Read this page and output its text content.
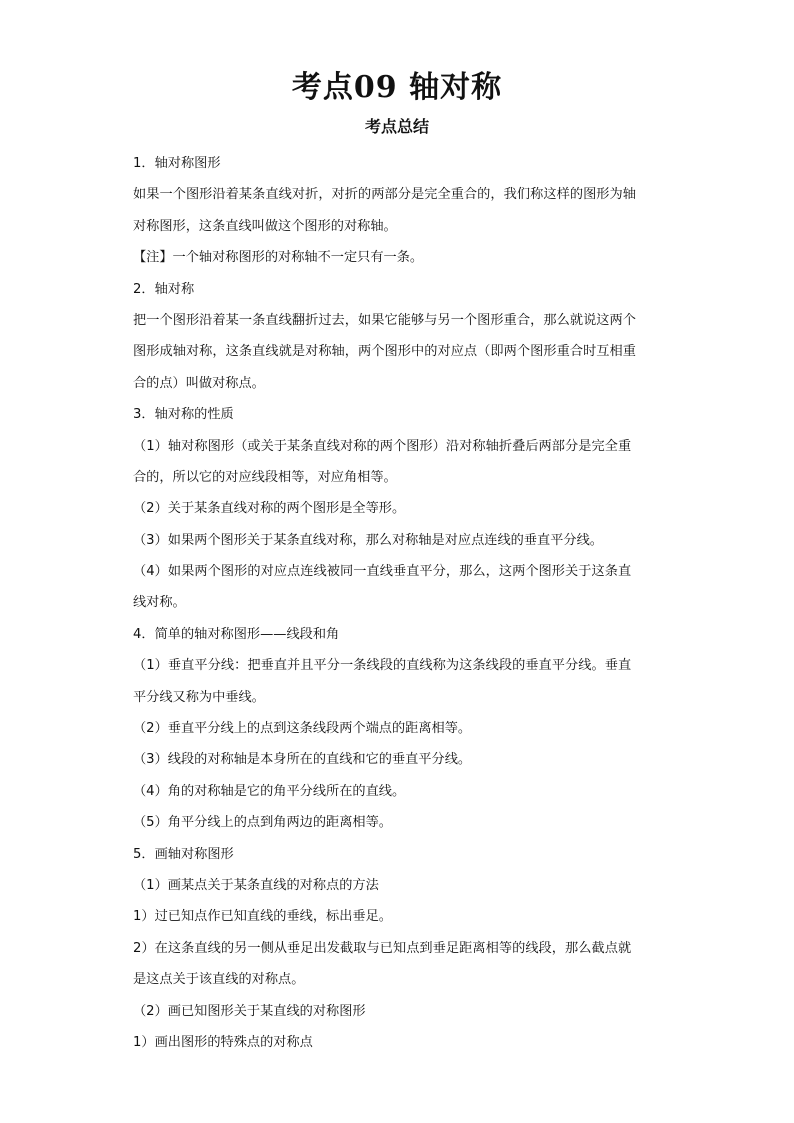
考点09 轴对称
考点总结
1．轴对称图形
如果一个图形沿着某条直线对折，对折的两部分是完全重合的，我们称这样的图形为轴
对称图形，这条直线叫做这个图形的对称轴。
【注】一个轴对称图形的对称轴不一定只有一条。
2．轴对称
把一个图形沿着某一条直线翻折过去，如果它能够与另一个图形重合，那么就说这两个
图形成轴对称，这条直线就是对称轴，两个图形中的对应点（即两个图形重合时互相重
合的点）叫做对称点。
3．轴对称的性质
（1）轴对称图形（或关于某条直线对称的两个图形）沿对称轴折叠后两部分是完全重
合的，所以它的对应线段相等，对应角相等。
（2）关于某条直线对称的两个图形是全等形。
（3）如果两个图形关于某条直线对称，那么对称轴是对应点连线的垂直平分线。
（4）如果两个图形的对应点连线被同一直线垂直平分，那么，这两个图形关于这条直
线对称。
4．简单的轴对称图形——线段和角
（1）垂直平分线：把垂直并且平分一条线段的直线称为这条线段的垂直平分线。垂直
平分线又称为中垂线。
（2）垂直平分线上的点到这条线段两个端点的距离相等。
（3）线段的对称轴是本身所在的直线和它的垂直平分线。
（4）角的对称轴是它的角平分线所在的直线。
（5）角平分线上的点到角两边的距离相等。
5．画轴对称图形
（1）画某点关于某条直线的对称点的方法
1）过已知点作已知直线的垂线，标出垂足。
2）在这条直线的另一侧从垂足出发截取与已知点到垂足距离相等的线段，那么截点就
是这点关于该直线的对称点。
（2）画已知图形关于某直线的对称图形
1）画出图形的特殊点的对称点
